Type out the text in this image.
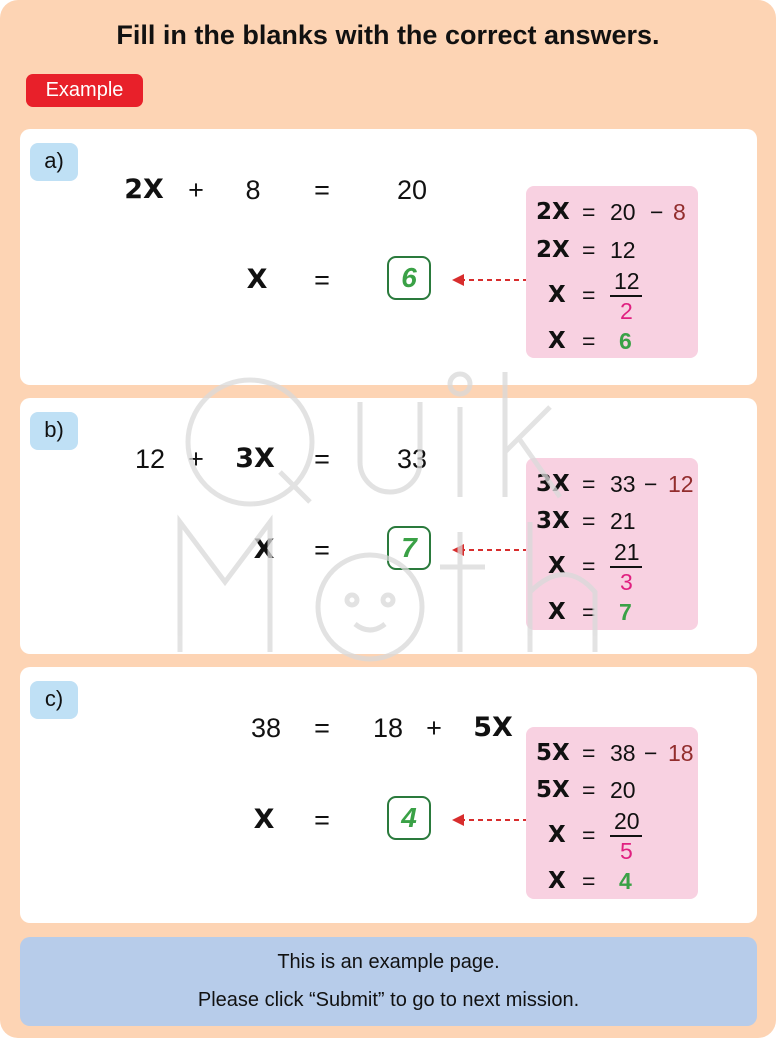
Fill in the blanks with the correct answers.
Example
a)
2X + 8 = 20
X =	6
2X = 20 − 8
2X = 12
X =
12
2
X = 6
b)
12 + 3X = 33
X =	7
3X = 33 − 12
3X = 21
X =
21
3
X = 7
c)
38 = 18 + 5X
X =	4
5X = 38 − 18
5X = 20
X =
20
5
X = 4
This is an example page.
Please click “Submit” to go to next mission.
